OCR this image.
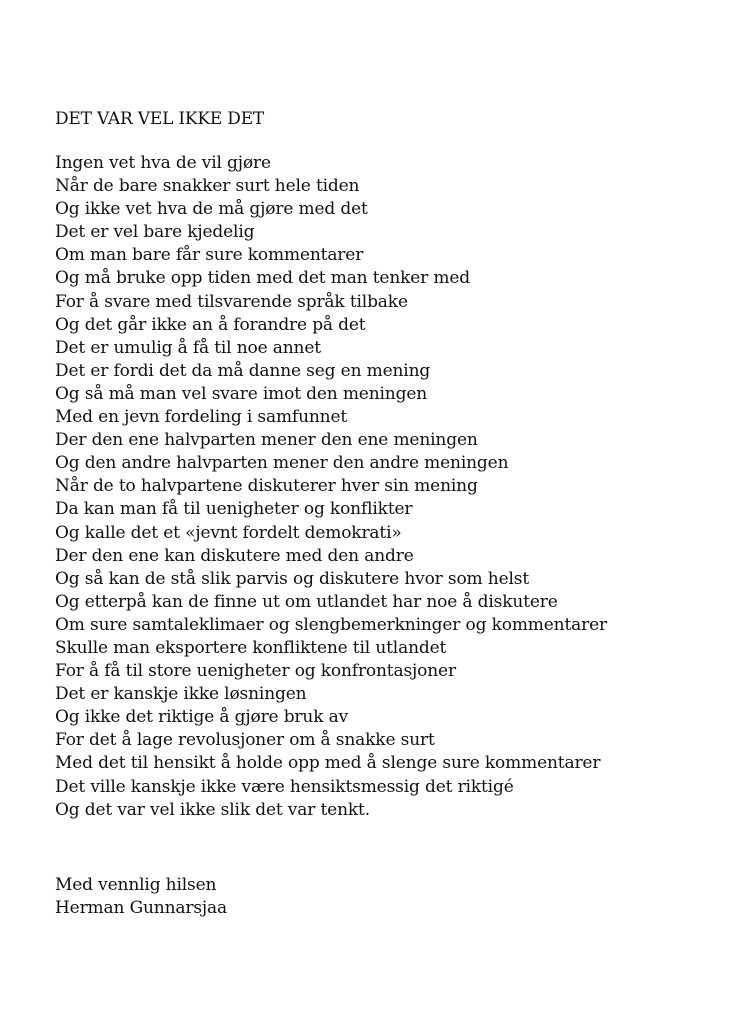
DET VAR VEL IKKE DET
Ingen vet hva de vil gjøre
Når de bare snakker surt hele tiden
Og ikke vet hva de må gjøre med det
Det er vel bare kjedelig
Om man bare får sure kommentarer
Og må bruke opp tiden med det man tenker med
For å svare med tilsvarende språk tilbake
Og det går ikke an å forandre på det
Det er umulig å få til noe annet
Det er fordi det da må danne seg en mening
Og så må man vel svare imot den meningen
Med en jevn fordeling i samfunnet
Der den ene halvparten mener den ene meningen
Og den andre halvparten mener den andre meningen
Når de to halvpartene diskuterer hver sin mening
Da kan man få til uenigheter og konflikter
Og kalle det et «jevnt fordelt demokrati»
Der den ene kan diskutere med den andre
Og så kan de stå slik parvis og diskutere hvor som helst
Og etterpå kan de finne ut om utlandet har noe å diskutere
Om sure samtaleklimaer og slengbemerkninger og kommentarer
Skulle man eksportere konfliktene til utlandet
For å få til store uenigheter og konfrontasjoner
Det er kanskje ikke løsningen
Og ikke det riktige å gjøre bruk av
For det å lage revolusjoner om å snakke surt
Med det til hensikt å holde opp med å slenge sure kommentarer
Det ville kanskje ikke være hensiktsmessig det riktigé
Og det var vel ikke slik det var tenkt.
Med vennlig hilsen
Herman Gunnarsjaa
